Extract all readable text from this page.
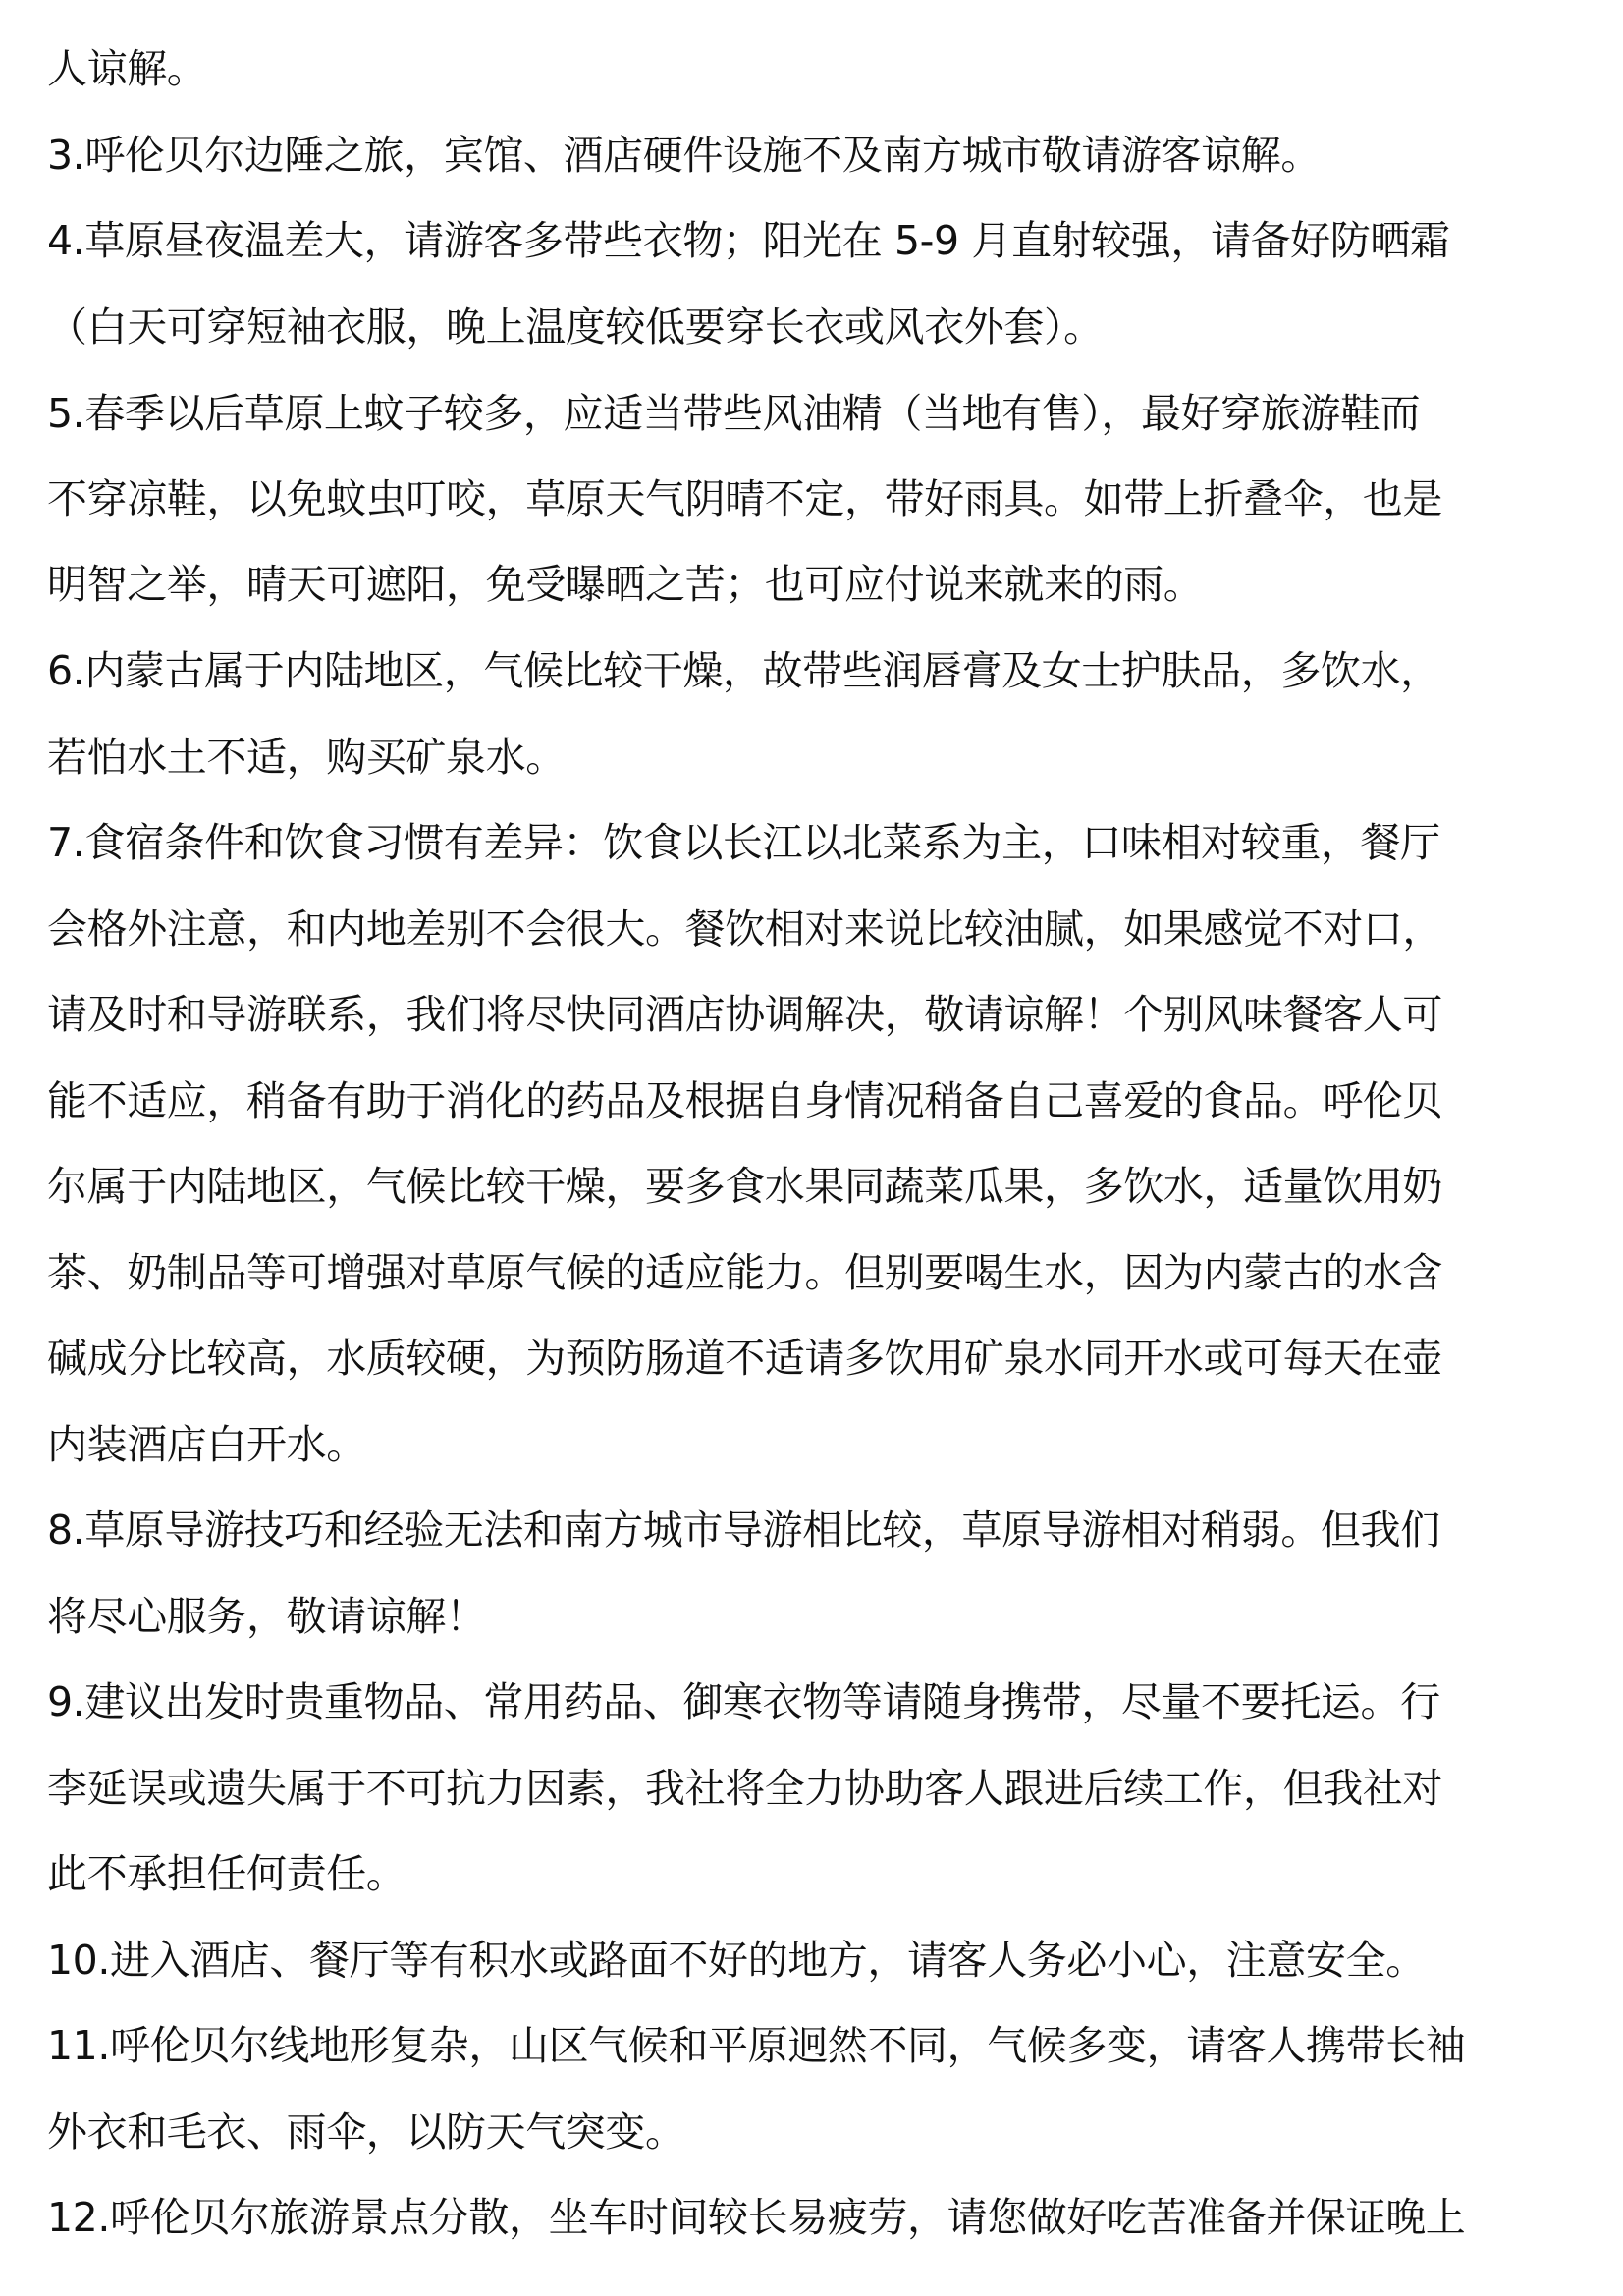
人谅解。
3.呼伦贝尔边陲之旅，宾馆、酒店硬件设施不及南方城市敬请游客谅解。
4.草原昼夜温差大，请游客多带些衣物；阳光在 5-9 月直射较强，请备好防晒霜
（白天可穿短袖衣服，晚上温度较低要穿长衣或风衣外套）。
5.春季以后草原上蚊子较多，应适当带些风油精（当地有售），最好穿旅游鞋而
不穿凉鞋，以免蚊虫叮咬，草原天气阴晴不定，带好雨具。如带上折叠伞，也是
明智之举，晴天可遮阳，免受曝晒之苦；也可应付说来就来的雨。
6.内蒙古属于内陆地区，气候比较干燥，故带些润唇膏及女士护肤品，多饮水，
若怕水土不适，购买矿泉水。
7.食宿条件和饮食习惯有差异：饮食以长江以北菜系为主，口味相对较重，餐厅
会格外注意，和内地差别不会很大。餐饮相对来说比较油腻，如果感觉不对口，
请及时和导游联系，我们将尽快同酒店协调解决，敬请谅解！个别风味餐客人可
能不适应，稍备有助于消化的药品及根据自身情况稍备自己喜爱的食品。呼伦贝
尔属于内陆地区，气候比较干燥，要多食水果同蔬菜瓜果，多饮水，适量饮用奶
茶、奶制品等可增强对草原气候的适应能力。但别要喝生水，因为内蒙古的水含
碱成分比较高，水质较硬，为预防肠道不适请多饮用矿泉水同开水或可每天在壶
内装酒店白开水。
8.草原导游技巧和经验无法和南方城市导游相比较，草原导游相对稍弱。但我们
将尽心服务，敬请谅解！
9.建议出发时贵重物品、常用药品、御寒衣物等请随身携带，尽量不要托运。行
李延误或遗失属于不可抗力因素，我社将全力协助客人跟进后续工作，但我社对
此不承担任何责任。
10.进入酒店、餐厅等有积水或路面不好的地方，请客人务必小心，注意安全。
11.呼伦贝尔线地形复杂，山区气候和平原迥然不同，气候多变，请客人携带长袖
外衣和毛衣、雨伞，以防天气突变。
12.呼伦贝尔旅游景点分散，坐车时间较长易疲劳，请您做好吃苦准备并保证晚上
